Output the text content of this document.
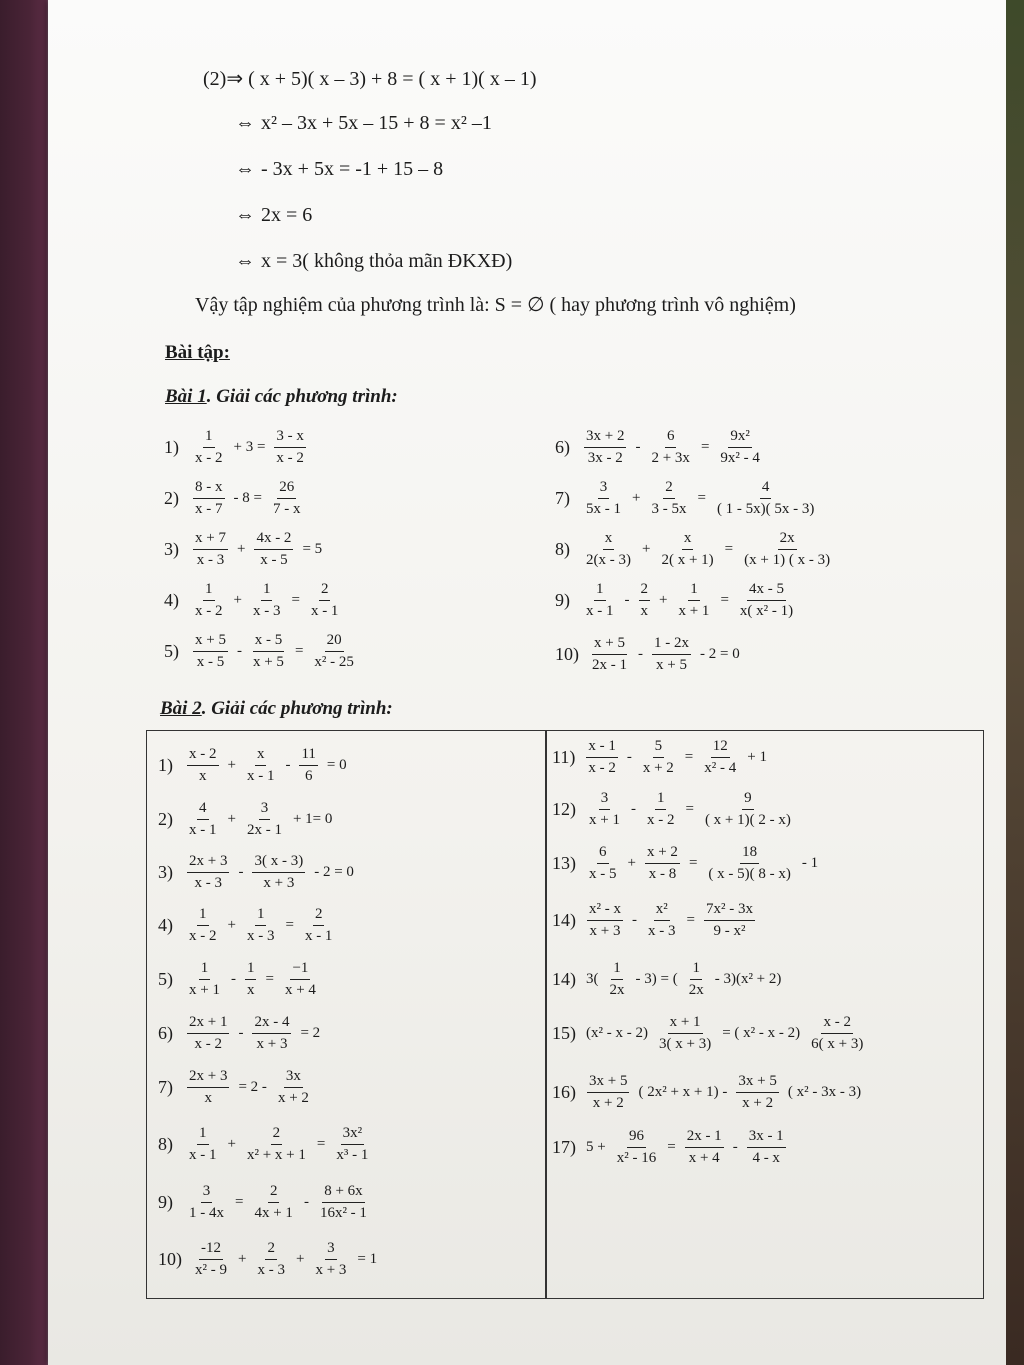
(2)⇒ ( x + 5)( x – 3) + 8 = ( x + 1)( x – 1)
⇔ x² – 3x + 5x – 15 + 8 = x² –1
⇔ - 3x + 5x = -1 + 15 – 8
⇔ 2x = 6
⇔ x = 3( không thỏa mãn ĐKXĐ)
Vậy tập nghiệm của phương trình là: S = ∅ ( hay phương trình vô nghiệm)
Bài tập:
Bài 1. Giải các phương trình:
$1) \frac{1}{x - 2} + 3 = \frac{3 - x}{x - 2}$
$2) \frac{8 - x}{x - 7} - 8 = \frac{26}{7 - x}$
$3) \frac{x + 7}{x - 3} + \frac{4x - 2}{x - 5} = 5$
$4) \frac{1}{x - 2} + \frac{1}{x - 3} = \frac{2}{x - 1}$
$5) \frac{x + 5}{x - 5} - \frac{x - 5}{x + 5} = \frac{20}{\text{x² - 25}}$
$6) \frac{3x + 2}{3x - 2} - \frac{6}{2 + 3x} = \frac{\text{9x²}}{\text{9x² - 4}}$
$7) \frac{3}{5x - 1} + \frac{2}{3 - 5x} = \frac{4}{( 1 - 5x)( 5x - 3)}$
$8) \frac{x}{2(x - 3)} + \frac{x}{2( x + 1)} = \frac{2x}{(x + 1) ( x - 3)}$
$9) \frac{1}{x - 1} - \frac{2}{x} + \frac{1}{x + 1} = \frac{4x - 5}{\text{x( x² - 1)}}$
$10) \frac{x + 5}{2x - 1} - \frac{1 - 2x}{x + 5} - 2 = 0$
Bài 2. Giải các phương trình:
$1) \frac{x - 2}{x} + \frac{x}{x - 1} - \frac{11}{6} = 0$
$2) \frac{4}{x - 1} + \frac{3}{2x - 1} + 1= 0$
$3) \frac{2x + 3}{x - 3} - \frac{3( x - 3)}{x + 3} - 2 = 0$
$4) \frac{1}{x - 2} + \frac{1}{x - 3} = \frac{2}{x - 1}$
$5) \frac{1}{x + 1} - \frac{1}{x} = \frac{-1}{x + 4}$
$6) \frac{2x + 1}{x - 2} - \frac{2x - 4}{x + 3} = 2$
$7) \frac{2x + 3}{x} = 2 - \frac{3x}{x + 2}$
$8) \frac{1}{x - 1} + \frac{2}{\text{x² + x + 1}} = \frac{\text{3x²}}{\text{x³ - 1}}$
$9) \frac{3}{1 - 4x} = \frac{2}{4x + 1} - \frac{8 + 6x}{\text{16x² - 1}}$
$10) \frac{-12}{\text{x² - 9}} + \frac{2}{x - 3} + \frac{3}{x + 3} = 1$
$11) \frac{x - 1}{x - 2} - \frac{5}{x + 2} = \frac{12}{\text{x² - 4}} + 1$
$12) \frac{3}{x + 1} - \frac{1}{x - 2} = \frac{9}{( x + 1)( 2 - x)}$
$13) \frac{6}{x - 5} + \frac{x + 2}{x - 8} = \frac{18}{( x - 5)( 8 - x)} - 1$
$14) \frac{\text{x² - x}}{x + 3} - \frac{\text{x²}}{x - 3} = \frac{\text{7x² - 3x}}{\text{9 - x²}}$
14) $3( \frac{1}{2x} - 3)$ = ( $\frac{1}{2x} - 3)(x^2 + 2)$
15) (x² - x - $2) \frac{x + 1}{3( x + 3)}$ = ( x² - x - $2) \frac{x - 2}{6( x + 3)}$
$16) \frac{3x + 5}{x + 2}$ ( $2x^2 + x + 1) - \frac{3x + 5}{x + 2}$ ( x² - 3x - 3)
17) $5 + \frac{96}{\text{x² - 16}} = \frac{2x - 1}{x + 4} - \frac{3x - 1}{4 - x}$
